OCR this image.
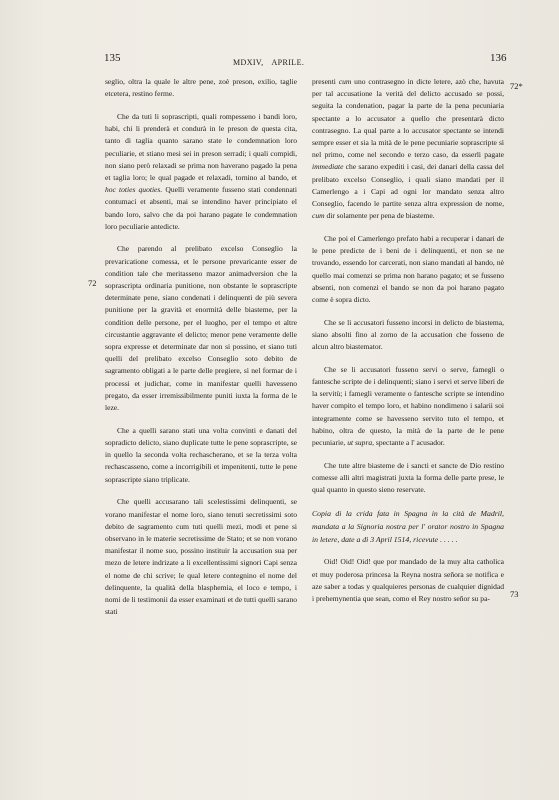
135	MDXIV, APRILE.	136
72
72*
73

seglio, oltra la quale le altre pene, zoè preson, exilio, taglie etcetera, restino ferme.

Che da tuti li soprascripti, quali rompesseno i bandi loro, habi, chi li prenderà et condurà in le preson de questa cita, tanto di taglia quanto sarano state le condemnation loro peculiarie, et stiano mesi sei in preson serradi; i quali compidi, non siano però relaxadi se prima non haverano pagado la pena et taglia loro; le qual pagade et relaxadi, tornino al bando, et hoc toties quoties. Quelli veramente fusseno stati condennati contumaci et absenti, mai se intendino haver principiato el bando loro, salvo che da poi harano pagate le condemnation loro peculiarie antedicte.

Che parendo al prelibato excelso Conseglio la prevaricatione comessa, et le persone prevaricante esser de condition tale che meritasseno mazor animadversion che la soprascripta ordinaria punitione, non obstante le soprascripte determinate pene, siano condenati i delinquenti de più severa punitione per la gravità et enormità delle biasteme, per la condition delle persone, per el luogho, per el tempo et altre circustantie aggravante el delicto; menor pene veramente delle sopra expresse et determinate dar non si possino, et siano tuti quelli del prelibato excelso Conseglio soto debito de sagramento obligati a le parte delle pregiere, sì nel formar de i processi et judichar, come in manifestar quelli havesseno pregato, da esser irremissibilmente puniti iuxta la forma de le leze.

Che a quelli sarano stati una volta convinti e danati del sopradicto delicto, siano duplicate tutte le pene soprascripte, se in quello la seconda volta rechascherano, et se la terza volta rechascasseno, come a incorrigibili et impenitenti, tutte le pene soprascripte siano triplicate.

Che quelli accusarano tali scelestissimi delinquenti, se vorano manifestar el nome loro, siano tenuti secretissimi soto debito de sagramento cum tuti quelli mezi, modi et pene si observano in le materie secretissime de Stato; et se non vorano manifestar il nome suo, possino instituir la accusation sua per mezo de letere indrizate a li excellentissimi signori Capi senza el nome de chi scrive; le qual letere contegnino el nome del delinquente, la qualità della blasphemia, el loco e tempo, i nomi de li testimonii da esser examinati et de tutti quelli sarano stati

presenti cum uno contrasegno in dicte letere, azò che, havuta per tal accusatione la verità del delicto accusado se possi, seguita la condenation, pagar la parte de la pena pecuniaria spectante a lo accusator a quello che presentarà dicto contrasegno. La qual parte a lo accusator spectante se intendi sempre esser et sia la mità de le pene pecuniarie soprascripte sì nel primo, come nel secondo e terzo caso, da esserli pagate immediate che sarano expediti i casi, dei danari della cassa del prelibato excelso Conseglio, i quali siano mandati per il Camerlengo a i Capi ad ogni lor mandato senza altro Conseglio, facendo le partite senza altra expression de nome, cum dir solamente per pena de biasteme.

Che poi el Camerlengo prefato habi a recuperar i danari de le pene predicte de i beni de i delinquenti, et non se ne trovando, essendo lor carcerati, non siano mandati al bando, nè quello mai comenzi se prima non harano pagato; et se fusseno absenti, non comenzi el bando se non da poi harano pagato come è sopra dicto.

Che se li accusatori fusseno incorsi in delicto de biastema, siano absolti fino al zorno de la accusation che fosseno de alcun altro biastemator.

Che se li accusatori fusseno servi o serve, famegli o fantesche scripte de i delinquenti; siano i servi et serve liberi de la servitù; i famegli veramente o fantesche scripte se intendino haver compito el tempo loro, et habino nondimeno i salarii soi integramente come se havesseno servito tuto el tempo, et habino, oltra de questo, la mità de la parte de le pene pecuniarie, ut supra, spectante a l' acusador.

Che tute altre biasteme de i sancti et sancte de Dio restino comesse alli altri magistrati juxta la forma delle parte prese, le qual quanto in questo sieno reservate.

Copia di la crida fata in Spagna in la cità de Madril, mandata a la Signoria nostra per l' orator nostro in Spagna in letere, date a dì 3 April 1514, ricevute . . . . .

Oid! Oid! Oid! que por mandado de la muy alta catholica et muy poderosa princesa la Reyna nostra señora se notifica e aze saber a todas y qualquieres personas de cualquier dignidad i prehemynentia que sean, como el Rey nostro señor su pa-
